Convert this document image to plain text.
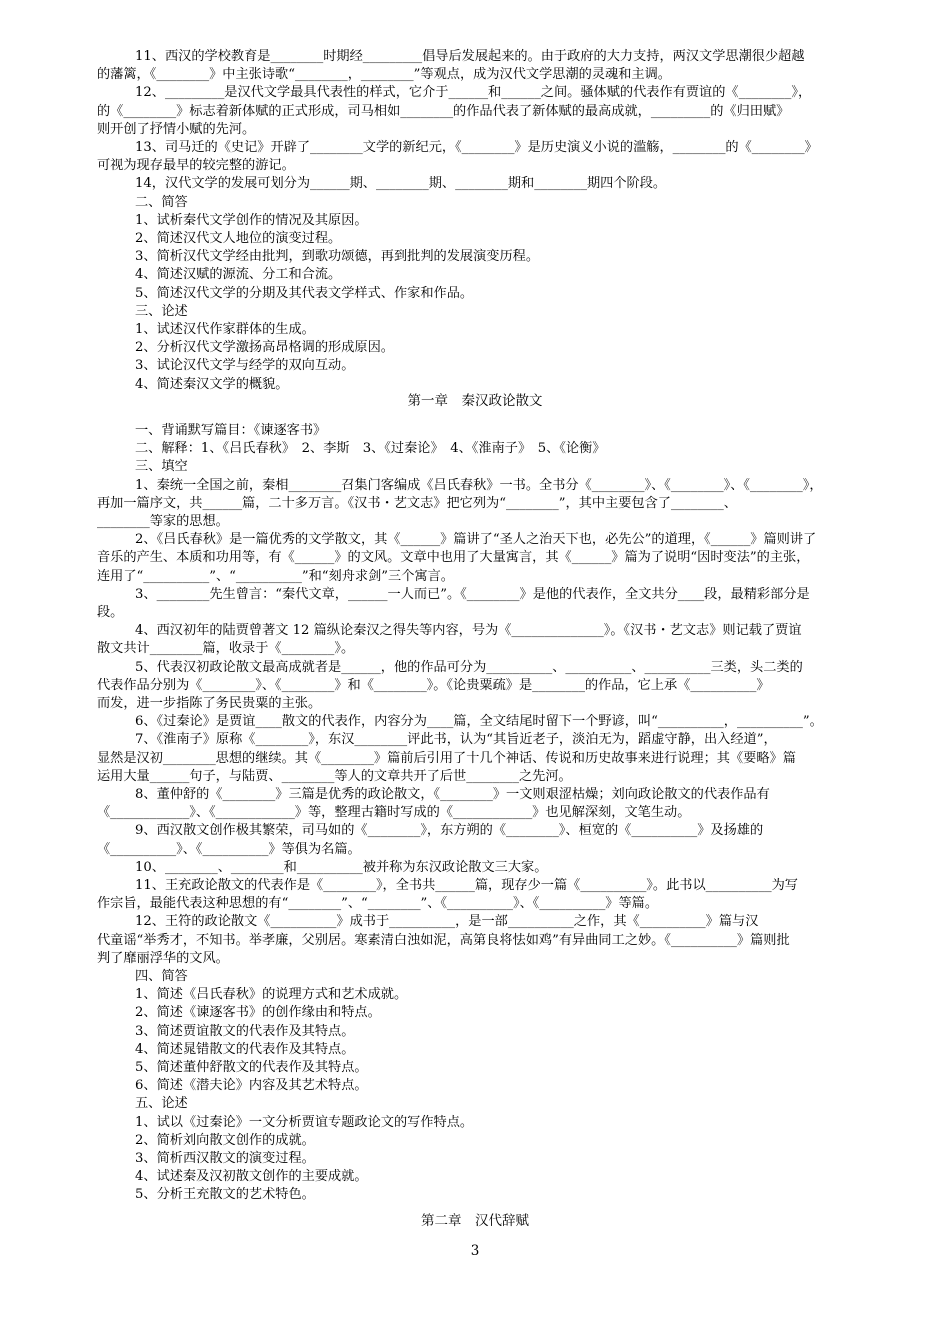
11、西汉的学校教育是________时期经_________倡导后发展起来的。由于政府的大力支持，两汉文学思潮很少超越
的藩篱，《________》中主张诗歌“________，________”等观点，成为汉代文学思潮的灵魂和主调。
12、_________是汉代文学最具代表性的样式，它介于______和______之间。骚体赋的代表作有贾谊的《________》，
的《________》标志着新体赋的正式形成，司马相如________的作品代表了新体赋的最高成就，_________的《归田赋》
则开创了抒情小赋的先河。
13、司马迁的《史记》开辟了________文学的新纪元，《________》是历史演义小说的滥觞，________的《________》
可视为现存最早的较完整的游记。
14，汉代文学的发展可划分为______期、________期、________期和________期四个阶段。
二、简答
1、试析秦代文学创作的情况及其原因。
2、简述汉代文人地位的演变过程。
3、简析汉代文学经由批判，到歌功颂德，再到批判的发展演变历程。
4、简述汉赋的源流、分工和合流。
5、简述汉代文学的分期及其代表文学样式、作家和作品。
三、论述
1、试述汉代作家群体的生成。
2、分析汉代文学激扬高昂格调的形成原因。
3、试论汉代文学与经学的双向互动。
4、简述秦汉文学的概貌。
第一章　秦汉政论散文
一、背诵默写篇目：《谏逐客书》
二、解释：1、《吕氏春秋》　2、李斯　3、《过秦论》　4、《淮南子》　5、《论衡》
三、填空
1、秦统一全国之前，秦相________召集门客编成《吕氏春秋》一书。全书分《________》、《________》、《________》，
再加一篇序文，共______篇，二十多万言。《汉书・艺文志》把它列为“________”，其中主要包含了________、
________等家的思想。
2、《吕氏春秋》是一篇优秀的文学散文，其《______》篇讲了“圣人之治天下也，必先公”的道理，《______》篇则讲了
音乐的产生、本质和功用等，有《______》的文风。文章中也用了大量寓言，其《______》篇为了说明“因时变法”的主张，
连用了“__________”、“__________”和“刻舟求剑”三个寓言。
3、________先生曾言：“秦代文章，______一人而已”。《________》是他的代表作，全文共分____段，最精彩部分是
段。
4、西汉初年的陆贾曾著文 12 篇纵论秦汉之得失等内容，号为《______________》。《汉书・艺文志》则记载了贾谊
散文共计________篇，收录于《________》。
5、代表汉初政论散文最高成就者是______，他的作品可分为__________、__________、__________三类，头二类的
代表作品分别为《________》、《________》和《________》。《论贵粟疏》是________的作品，它上承《__________》
而发，进一步指陈了务民贵粟的主张。
6、《过秦论》是贾谊____散文的代表作，内容分为____篇，全文结尾时留下一个野谚，叫“__________，__________”。
7、《淮南子》原称《________》，东汉________评此书，认为“其旨近老子，淡泊无为，蹈虚守静，出入经道”，
显然是汉初________思想的继续。其《________》篇前后引用了十几个神话、传说和历史故事来进行说理；其《要略》篇
运用大量______句子，与陆贾、________等人的文章共开了后世________之先河。
8、董仲舒的《________》三篇是优秀的政论散文，《________》一文则艰涩枯燥；刘向政论散文的代表作品有
《____________》、《____________》等，整理古籍时写成的《____________》也见解深刻，文笔生动。
9、西汉散文创作极其繁荣，司马如的《________》，东方朔的《________》、桓宽的《__________》及扬雄的
《__________》、《__________》等俱为名篇。
10、________、________和__________被并称为东汉政论散文三大家。
11、王充政论散文的代表作是《________》，全书共______篇，现存少一篇《__________》。此书以__________为写
作宗旨，最能代表这种思想的有“________”、“________”、《__________》、《__________》等篇。
12、王符的政论散文《__________》成书于__________，是一部__________之作，其《__________》篇与汉
代童谣“举秀才，不知书。举孝廉，父别居。寒素清白浊如泥，高第良将怯如鸡”有异曲同工之妙。《__________》篇则批
判了靡丽浮华的文风。
四、简答
1、简述《吕氏春秋》的说理方式和艺术成就。
2、简述《谏逐客书》的创作缘由和特点。
3、简述贾谊散文的代表作及其特点。
4、简述晁错散文的代表作及其特点。
5、简述董仲舒散文的代表作及其特点。
6、简述《潜夫论》内容及其艺术特点。
五、论述
1、试以《过秦论》一文分析贾谊专题政论文的写作特点。
2、简析刘向散文创作的成就。
3、简析西汉散文的演变过程。
4、试述秦及汉初散文创作的主要成就。
5、分析王充散文的艺术特色。
第二章　汉代辞赋
3
